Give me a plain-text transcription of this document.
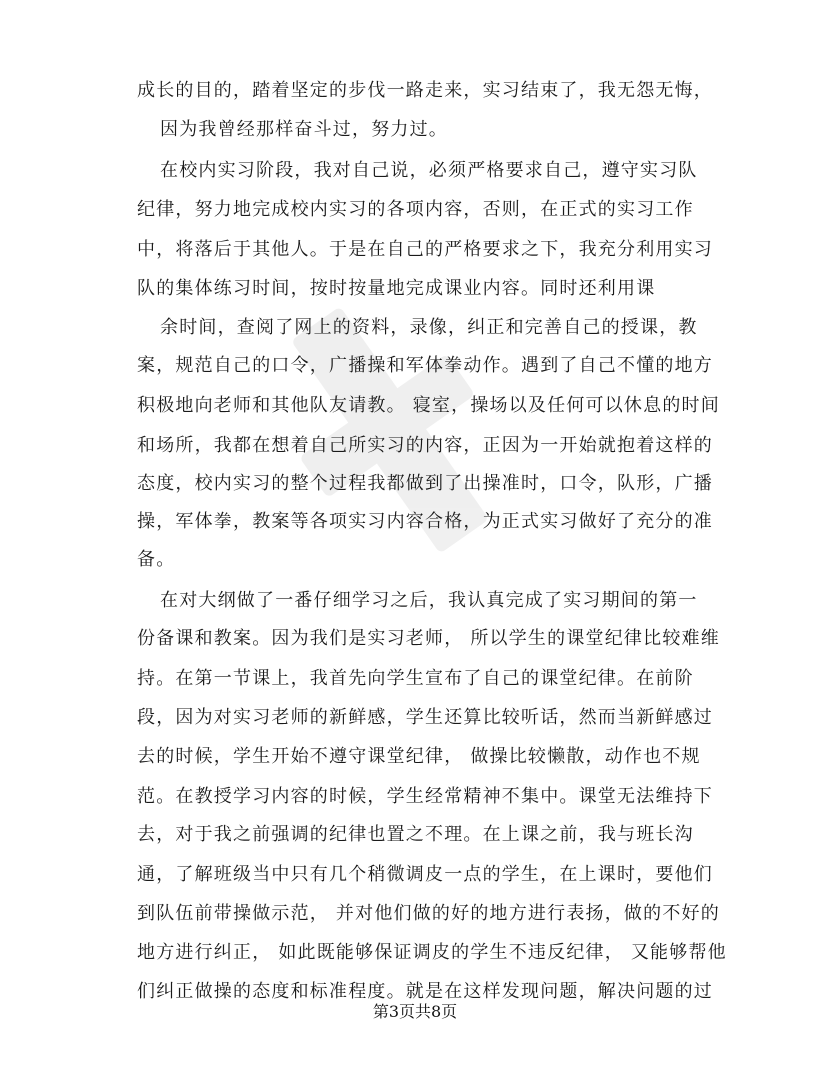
成长的目的，踏着坚定的步伐一路走来，实习结束了，我无怨无悔，
因为我曾经那样奋斗过，努力过。
在校内实习阶段，我对自己说，必须严格要求自己，遵守实习队
纪律，努力地完成校内实习的各项内容，否则，在正式的实习工作
中，将落后于其他人。于是在自己的严格要求之下，我充分利用实习
队的集体练习时间，按时按量地完成课业内容。同时还利用课
余时间，查阅了网上的资料，录像，纠正和完善自己的授课，教
案，规范自己的口令，广播操和军体拳动作。遇到了自己不懂的地方
积极地向老师和其他队友请教。 寝室，操场以及任何可以休息的时间
和场所，我都在想着自己所实习的内容，正因为一开始就抱着这样的
态度，校内实习的整个过程我都做到了出操准时，口令，队形，广播
操，军体拳，教案等各项实习内容合格，为正式实习做好了充分的准
备。
在对大纲做了一番仔细学习之后，我认真完成了实习期间的第一
份备课和教案。因为我们是实习老师， 所以学生的课堂纪律比较难维
持。在第一节课上，我首先向学生宣布了自己的课堂纪律。在前阶
段，因为对实习老师的新鲜感，学生还算比较听话，然而当新鲜感过
去的时候，学生开始不遵守课堂纪律， 做操比较懒散，动作也不规
范。在教授学习内容的时候，学生经常精神不集中。课堂无法维持下
去，对于我之前强调的纪律也置之不理。在上课之前，我与班长沟
通，了解班级当中只有几个稍微调皮一点的学生，在上课时，要他们
到队伍前带操做示范， 并对他们做的好的地方进行表扬，做的不好的
地方进行纠正， 如此既能够保证调皮的学生不违反纪律， 又能够帮他
们纠正做操的态度和标准程度。就是在这样发现问题，解决问题的过
第3页共8页
